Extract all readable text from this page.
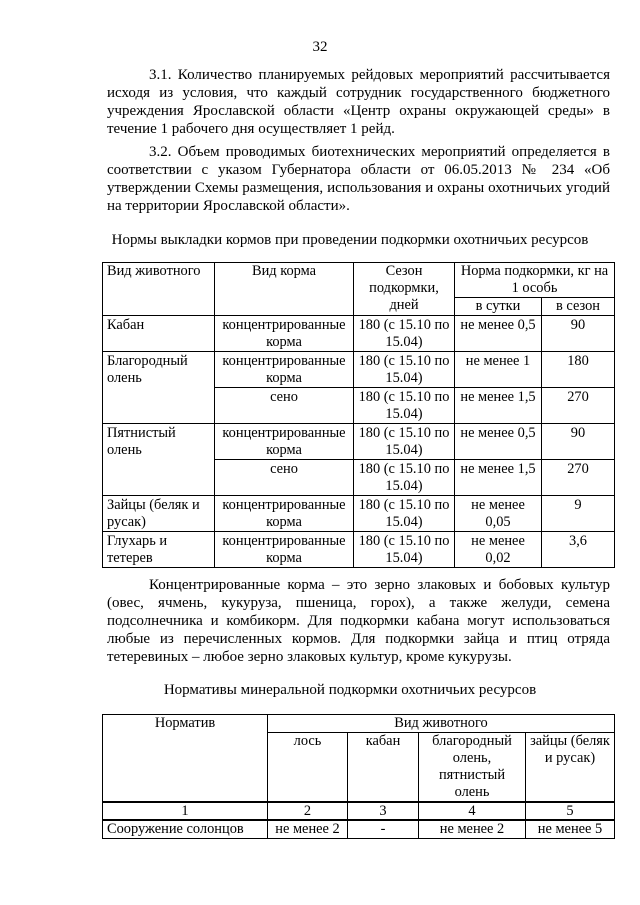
32

3.1. Количество планируемых рейдовых мероприятий рассчитывается исходя из условия, что каждый сотрудник государственного бюджетного учреждения Ярославской области «Центр охраны окружающей среды» в течение 1 рабочего дня осуществляет 1 рейд.

3.2. Объем проводимых биотехнических мероприятий определяется в соответствии с указом Губернатора области от 06.05.2013 № 234 «Об утверждении Схемы размещения, использования и охраны охотничьих угодий на территории Ярославской области».

Нормы выкладки кормов при проведении подкормки охотничьих ресурсов

Вид животного	Вид корма	Сезон подкормки, дней	Норма подкормки, кг на 1 особь	
			в сутки	в сезон
Кабан	концентрированные корма	180 (с 15.10 по 15.04)	не менее 0,5	90
Благородный олень	концентрированные корма	180 (с 15.10 по 15.04)	не менее 1	180
	сено	180 (с 15.10 по 15.04)	не менее 1,5	270
Пятнистый олень	концентрированные корма	180 (с 15.10 по 15.04)	не менее 0,5	90
	сено	180 (с 15.10 по 15.04)	не менее 1,5	270
Зайцы (беляк и русак)	концентрированные корма	180 (с 15.10 по 15.04)	не менее 0,05	9
Глухарь и тетерев	концентрированные корма	180 (с 15.10 по 15.04)	не менее 0,02	3,6

Концентрированные корма – это зерно злаковых и бобовых культур (овес, ячмень, кукуруза, пшеница, горох), а также желуди, семена подсолнечника и комбикорм. Для подкормки кабана могут использоваться любые из перечисленных кормов. Для подкормки зайца и птиц отряда тетеревиных – любое зерно злаковых культур, кроме кукурузы.

Нормативы минеральной подкормки охотничьих ресурсов

Норматив	Вид животного			
	лось	кабан	благородный олень, пятнистый олень	зайцы (беляк и русак)
1	2	3	4	5
Сооружение солонцов	не менее 2	-	не менее 2	не менее 5
